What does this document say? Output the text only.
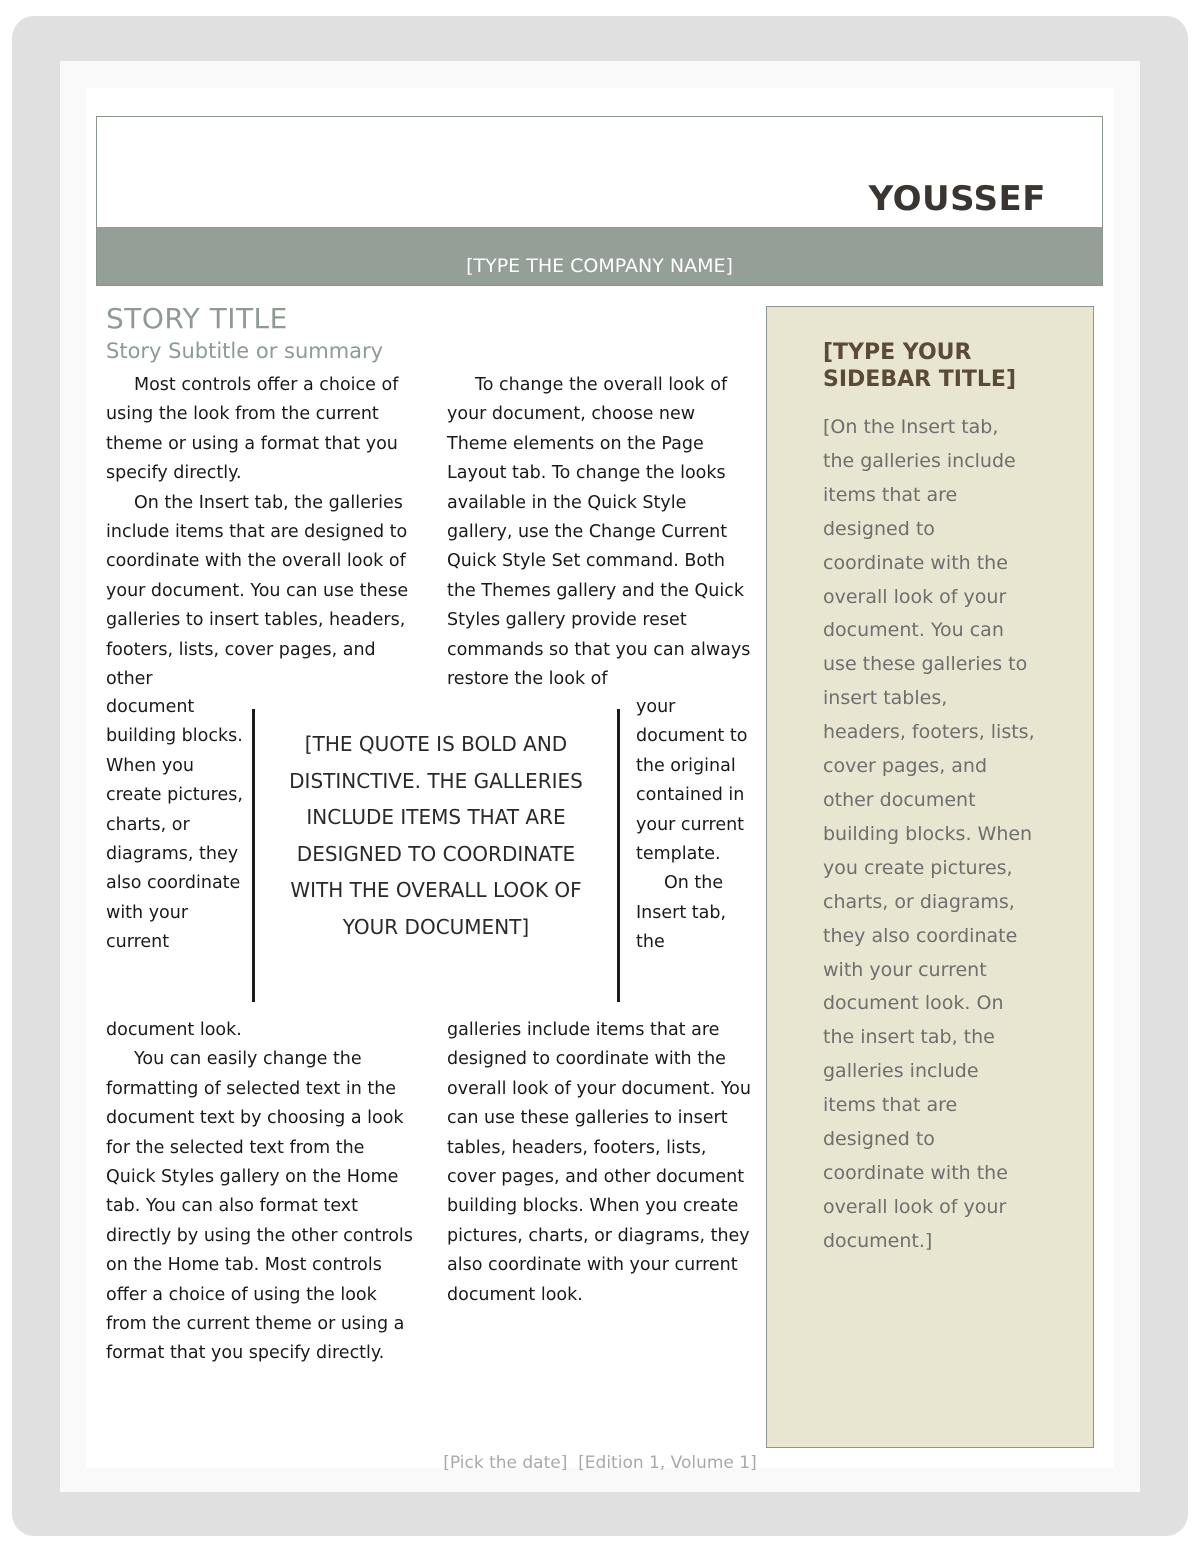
YOUSSEF
[TYPE THE COMPANY NAME]
STORY TITLE
Story Subtitle or summary

Most controls offer a choice of using the look from the current theme or using a format that you specify directly.

On the Insert tab, the galleries include items that are designed to coordinate with the overall look of your document. You can use these galleries to insert tables, headers, footers, lists, cover pages, and other

document building blocks. When you create pictures, charts, or diagrams, they also coordinate with your current

document look.

You can easily change the formatting of selected text in the document text by choosing a look for the selected text from the Quick Styles gallery on the Home tab. You can also format text directly by using the other controls on the Home tab. Most controls offer a choice of using the look from the current theme or using a format that you specify directly.

[THE QUOTE IS BOLD AND DISTINCTIVE. THE GALLERIES INCLUDE ITEMS THAT ARE DESIGNED TO COORDINATE WITH THE OVERALL LOOK OF YOUR DOCUMENT]

To change the overall look of your document, choose new Theme elements on the Page Layout tab. To change the looks available in the Quick Style gallery, use the Change Current Quick Style Set command. Both the Themes gallery and the Quick Styles gallery provide reset commands so that you can always restore the look of

your document to the original contained in your current template.

On the Insert tab, the

galleries include items that are designed to coordinate with the overall look of your document. You can use these galleries to insert tables, headers, footers, lists, cover pages, and other document building blocks. When you create pictures, charts, or diagrams, they also coordinate with your current document look.

[TYPE YOUR SIDEBAR TITLE]
[On the Insert tab, the galleries include items that are designed to coordinate with the overall look of your document. You can use these galleries to insert tables, headers, footers, lists, cover pages, and other document building blocks. When you create pictures, charts, or diagrams, they also coordinate with your current document look. On the insert tab, the galleries include items that are designed to coordinate with the overall look of your document.]
[Pick the date] [Edition 1, Volume 1]
